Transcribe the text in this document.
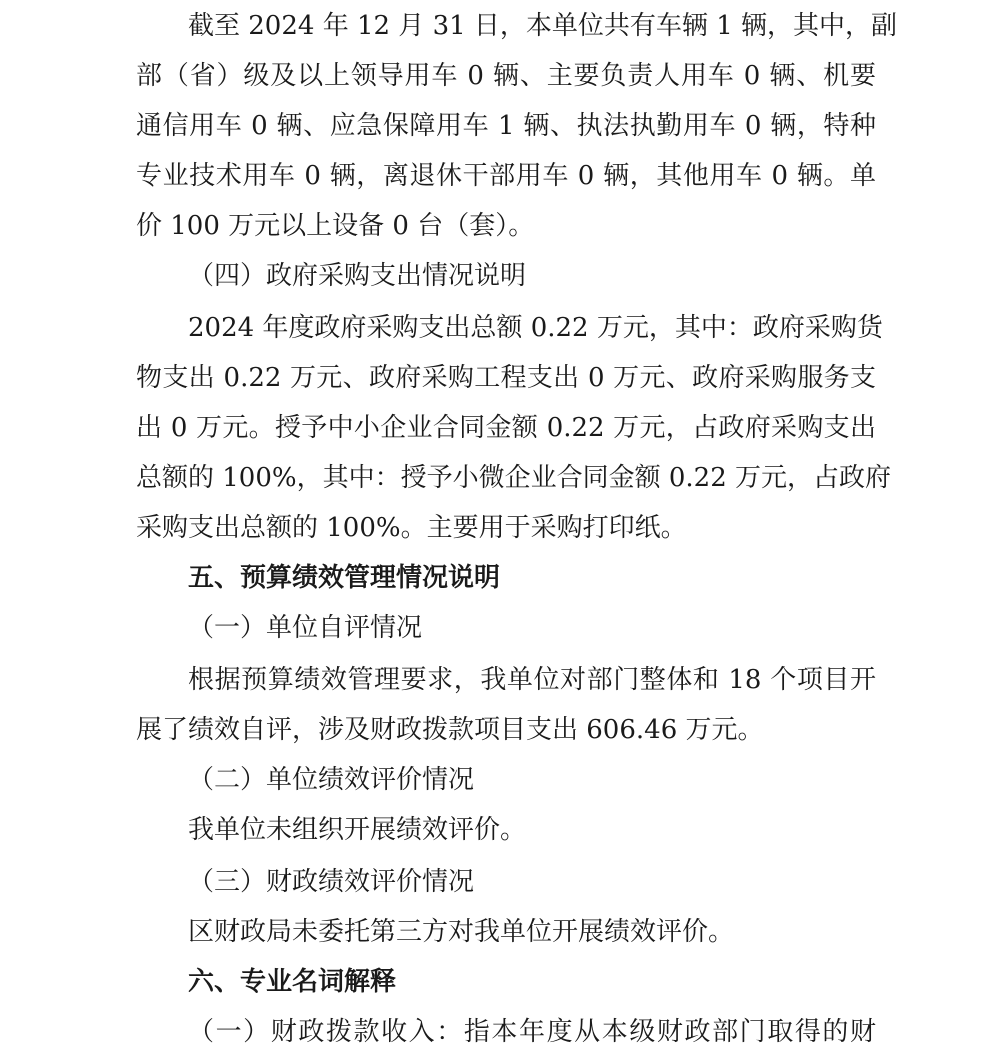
截至 2024 年 12 月 31 日，本单位共有车辆 1 辆，其中，副
部（省）级及以上领导用车 0 辆、主要负责人用车 0 辆、机要
通信用车 0 辆、应急保障用车 1 辆、执法执勤用车 0 辆，特种
专业技术用车 0 辆，离退休干部用车 0 辆，其他用车 0 辆。单
价 100 万元以上设备 0 台（套）。
（四）政府采购支出情况说明
2024 年度政府采购支出总额 0.22 万元，其中：政府采购货
物支出 0.22 万元、政府采购工程支出 0 万元、政府采购服务支
出 0 万元。授予中小企业合同金额 0.22 万元，占政府采购支出
总额的 100%，其中：授予小微企业合同金额 0.22 万元，占政府
采购支出总额的 100%。主要用于采购打印纸。
五、预算绩效管理情况说明
（一）单位自评情况
根据预算绩效管理要求，我单位对部门整体和 18 个项目开
展了绩效自评，涉及财政拨款项目支出 606.46 万元。
（二）单位绩效评价情况
我单位未组织开展绩效评价。
（三）财政绩效评价情况
区财政局未委托第三方对我单位开展绩效评价。
六、专业名词解释
（一）财政拨款收入：指本年度从本级财政部门取得的财
